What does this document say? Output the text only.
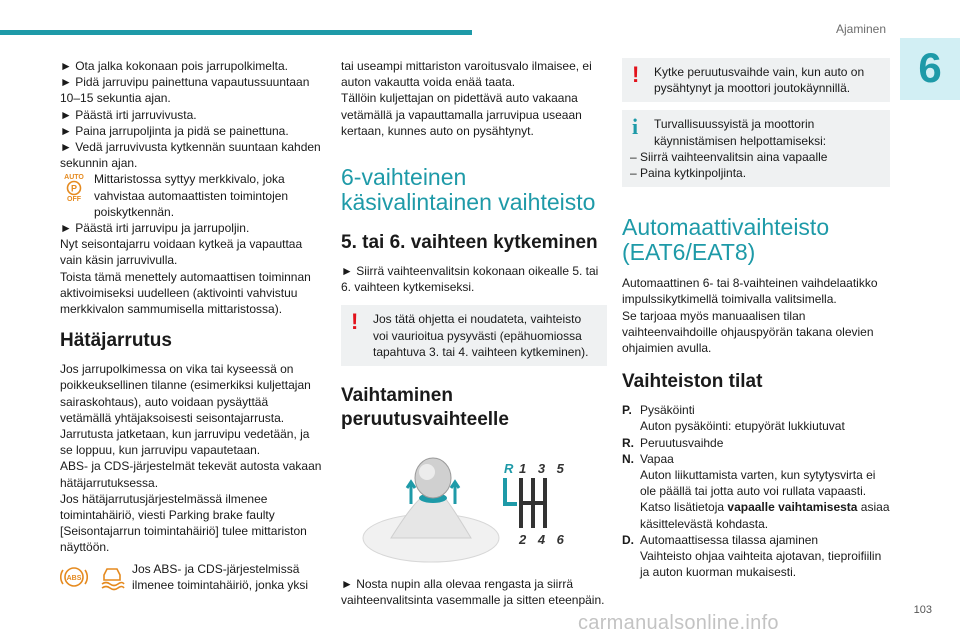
Ajaminen
6

► Ota jalka kokonaan pois jarrupolkimelta.

► Pidä jarruvipu painettuna vapautussuuntaan 10–15 sekuntia ajan.

► Päästä irti jarruvivusta.

► Paina jarrupoljinta ja pidä se painettuna.

► Vedä jarruvivusta kytkennän suuntaan kahden sekunnin ajan.

AUTO
P
OFF
Mittaristossa syttyy merkkivalo, joka vahvistaa automaattisten toimintojen poiskytkennän.

► Päästä irti jarruvipu ja jarrupoljin.

Nyt seisontajarru voidaan kytkeä ja vapauttaa vain käsin jarruvivulla.

Toista tämä menettely automaattisen toiminnan aktivoimiseksi uudelleen (aktivointi vahvistuu merkkivalon sammumisella mittaristossa).

Hätäjarrutus

Jos jarrupolkimessa on vika tai kyseessä on poikkeuksellinen tilanne (esimerkiksi kuljettajan sairaskohtaus), auto voidaan pysäyttää vetämällä yhtäjaksoisesti seisontajarrusta.

Jarrutusta jatketaan, kun jarruvipu vedetään, ja se loppuu, kun jarruvipu vapautetaan.

ABS- ja CDS-järjestelmät tekevät autosta vakaan hätäjarrutuksessa.

Jos hätäjarrutusjärjestelmässä ilmenee toimintahäiriö, viesti Parking brake faulty [Seisontajarrun toimintahäiriö] tulee mittariston näyttöön.

ABS
Jos ABS- ja CDS-järjestelmissä ilmenee toimintahäiriö, jonka yksi

tai useampi mittariston varoitusvalo ilmaisee, ei auton vakautta voida enää taata.

Tällöin kuljettajan on pidettävä auto vakaana vetämällä ja vapauttamalla jarruvipua useaan kertaan, kunnes auto on pysähtynyt.

6-vaihteinen käsivalintainen vaihteisto
5. tai 6. vaihteen kytkeminen

► Siirrä vaihteenvalitsin kokonaan oikealle 5. tai 6. vaihteen kytkemiseksi.

! Jos tätä ohjetta ei noudateta, vaihteisto voi vaurioitua pysyvästi (epähuomiossa tapahtuva 3. tai 4. vaihteen kytkeminen).
Vaihtaminen peruutusvaihteelle
R 1 3 5
2 4 6

► Nosta nupin alla olevaa rengasta ja siirrä vaihteenvalitsinta vasemmalle ja sitten eteenpäin.

! Kytke peruutusvaihde vain, kun auto on pysähtynyt ja moottori joutokäynnillä.
i	Turvallisuussyistä ja moottorin käynnistämisen helpottamiseksi:

– Siirrä vaihteenvalitsin aina vapaalle

– Paina kytkinpoljinta.

Automaattivaihteisto (EAT6/EAT8)

Automaattinen 6- tai 8-vaihteinen vaihdelaatikko impulssikytkimellä toimivalla valitsimella.

Se tarjoaa myös manuaalisen tilan vaihteenvaihdoille ohjauspyörän takana olevien ohjaimien avulla.

Vaihteiston tilat
P. Pysäköinti

Auton pysäköinti: etupyörät lukkiutuvat

R. Peruutusvaihde

N. Vapaa

Auton liikuttamista varten, kun sytytysvirta ei ole päällä tai jotta auto voi rullata vapaasti.

Katso lisätietoja vapaalle vaihtamisesta asiaa käsittelevästä kohdasta.

D. Automaattisessa tilassa ajaminen

Vaihteisto ohjaa vaihteita ajotavan, tieproifiilin ja auton kuorman mukaisesti.

carmanualsonline.info
103
